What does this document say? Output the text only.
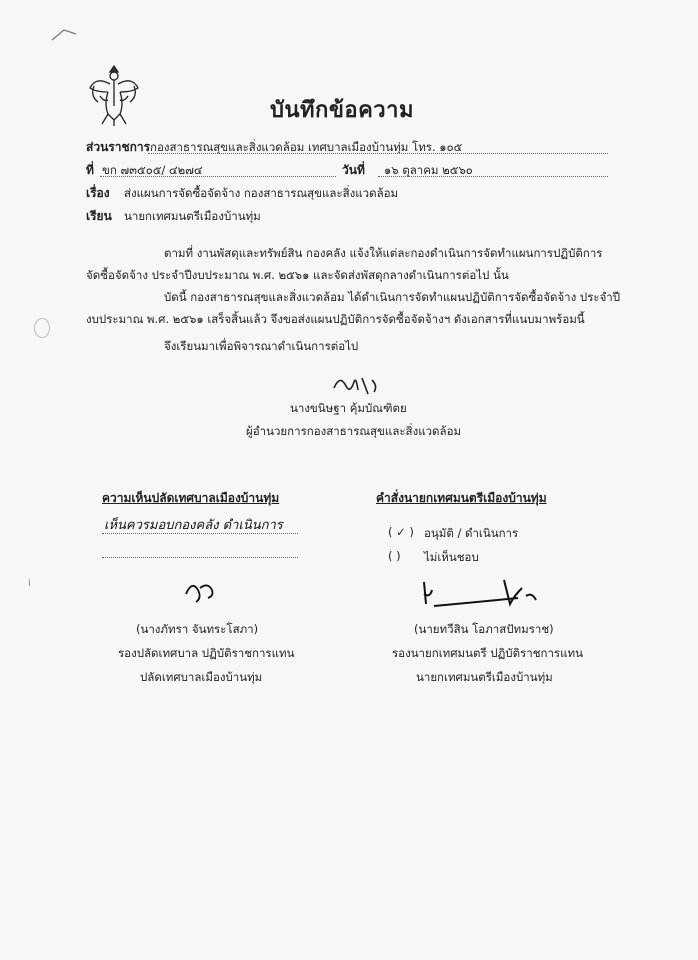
บันทึกข้อความ
ส่วนราชการ กองสาธารณสุขและสิ่งแวดล้อม เทศบาลเมืองบ้านทุ่ม โทร. ๑๐๕
ที่ ขก ๗๓๕๐๕/ ๔๒๗๔	วันที่ ๑๖ ตุลาคม ๒๕๖๐
เรื่อง ส่งแผนการจัดซื้อจัดจ้าง กองสาธารณสุขและสิ่งแวดล้อม
เรียน นายกเทศมนตรีเมืองบ้านทุ่ม
ตามที่ งานพัสดุและทรัพย์สิน กองคลัง แจ้งให้แต่ละกองดำเนินการจัดทำแผนการปฏิบัติการ
จัดซื้อจัดจ้าง ประจำปีงบประมาณ พ.ศ. ๒๕๖๑ และจัดส่งพัสดุกลางดำเนินการต่อไป นั้น
บัดนี้ กองสาธารณสุขและสิ่งแวดล้อม ได้ดำเนินการจัดทำแผนปฏิบัติการจัดซื้อจัดจ้าง ประจำปี
งบประมาณ พ.ศ. ๒๕๖๑ เสร็จสิ้นแล้ว จึงขอส่งแผนปฏิบัติการจัดซื้อจัดจ้างฯ ดังเอกสารที่แนบมาพร้อมนี้
จึงเรียนมาเพื่อพิจารณาดำเนินการต่อไป
นางขนิษฐา คุ้มบัณฑิตย
ผู้อำนวยการกองสาธารณสุขและสิ่งแวดล้อม
ความเห็นปลัดเทศบาลเมืองบ้านทุ่ม
เห็นควรมอบกองคลัง ดำเนินการ
(นางภัทรา จันทระโสภา)
รองปลัดเทศบาล ปฏิบัติราชการแทน
ปลัดเทศบาลเมืองบ้านทุ่ม
i
คำสั่งนายกเทศมนตรีเมืองบ้านทุ่ม
( ✓ ) อนุมัติ / ดำเนินการ
( ) ไม่เห็นชอบ
(นายทวีสิน โอภาสปัทมราช)
รองนายกเทศมนตรี ปฏิบัติราชการแทน
นายกเทศมนตรีเมืองบ้านทุ่ม
